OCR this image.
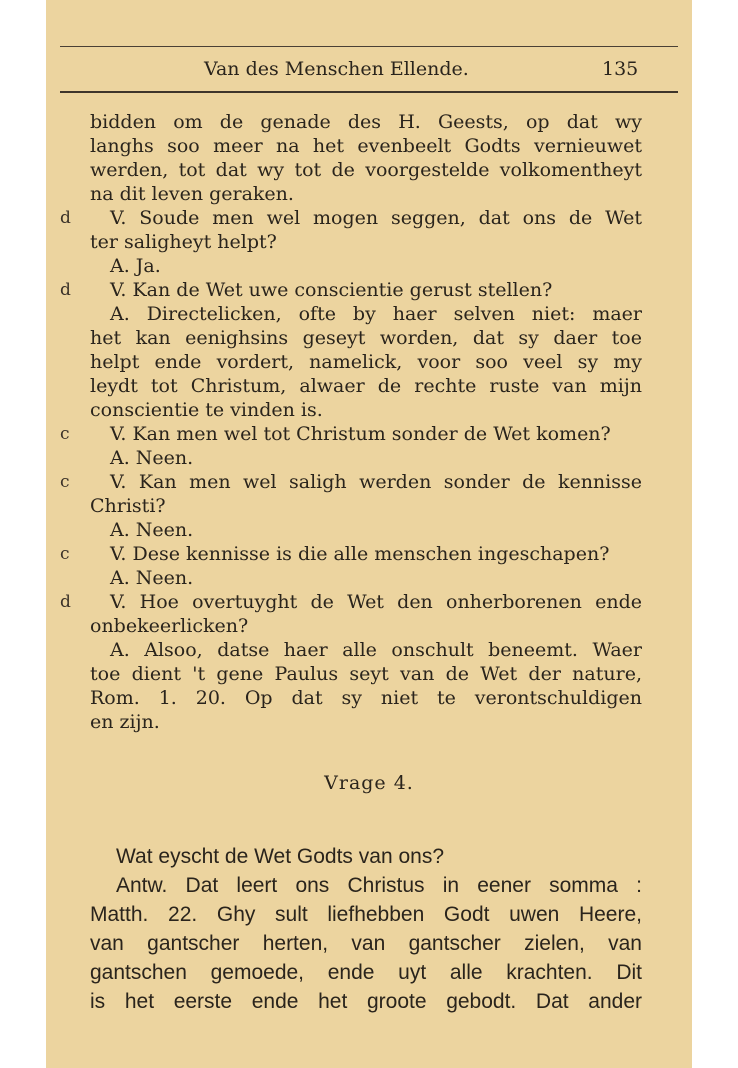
Van des Menschen Ellende.	135
bidden om de genade des H. Geests, op dat wy
langhs soo meer na het evenbeelt Godts vernieuwet
werden, tot dat wy tot de voorgestelde volkomentheyt
na dit leven geraken.
d V. Soude men wel mogen seggen, dat ons de Wet
ter saligheyt helpt?
A. Ja.
d V. Kan de Wet uwe conscientie gerust stellen?
A. Directelicken, ofte by haer selven niet: maer
het kan eenighsins geseyt worden, dat sy daer toe
helpt ende vordert, namelick, voor soo veel sy my
leydt tot Christum, alwaer de rechte ruste van mijn
conscientie te vinden is.
c V. Kan men wel tot Christum sonder de Wet komen?
A. Neen.
c V. Kan men wel saligh werden sonder de kennisse
Christi?
A. Neen.
c V. Dese kennisse is die alle menschen ingeschapen?
A. Neen.
d V. Hoe overtuyght de Wet den onherborenen ende
onbekeerlicken?
A. Alsoo, datse haer alle onschult beneemt. Waer
toe dient 't gene Paulus seyt van de Wet der nature,
Rom. 1. 20. Op dat sy niet te verontschuldigen
en zijn.
Vrage 4.
Wat eyscht de Wet Godts van ons?
Antw. Dat leert ons Christus in eener somma :
Matth. 22. Ghy sult liefhebben Godt uwen Heere,
van gantscher herten, van gantscher zielen, van
gantschen gemoede, ende uyt alle krachten. Dit
is het eerste ende het groote gebodt. Dat ander
